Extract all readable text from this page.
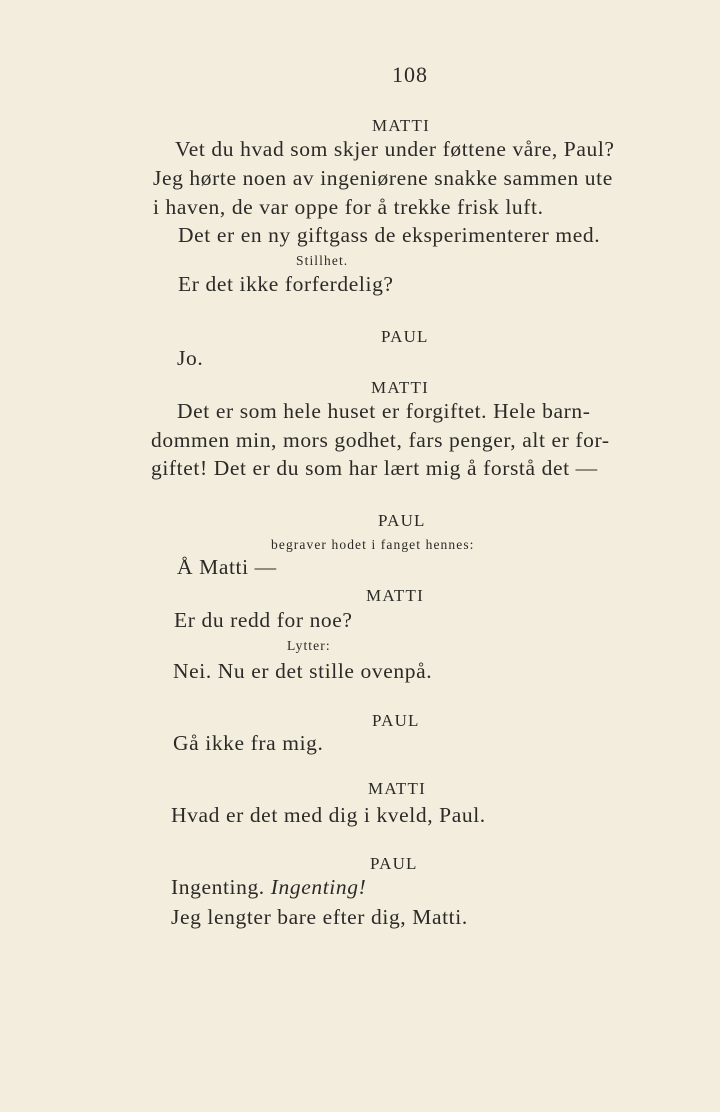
108
MATTI
Vet du hvad som skjer under føttene våre, Paul?
Jeg hørte noen av ingeniørene snakke sammen ute
i haven, de var oppe for å trekke frisk luft.
Det er en ny giftgass de eksperimenterer med.
Stillhet.
Er det ikke forferdelig?
PAUL
Jo.
MATTI
Det er som hele huset er forgiftet. Hele barn-
dommen min, mors godhet, fars penger, alt er for-
giftet! Det er du som har lært mig å forstå det —
PAUL
begraver hodet i fanget hennes:
Å Matti —
MATTI
Er du redd for noe?
Lytter:
Nei. Nu er det stille ovenpå.
PAUL
Gå ikke fra mig.
MATTI
Hvad er det med dig i kveld, Paul.
PAUL
Ingenting. Ingenting!
Jeg lengter bare efter dig, Matti.
